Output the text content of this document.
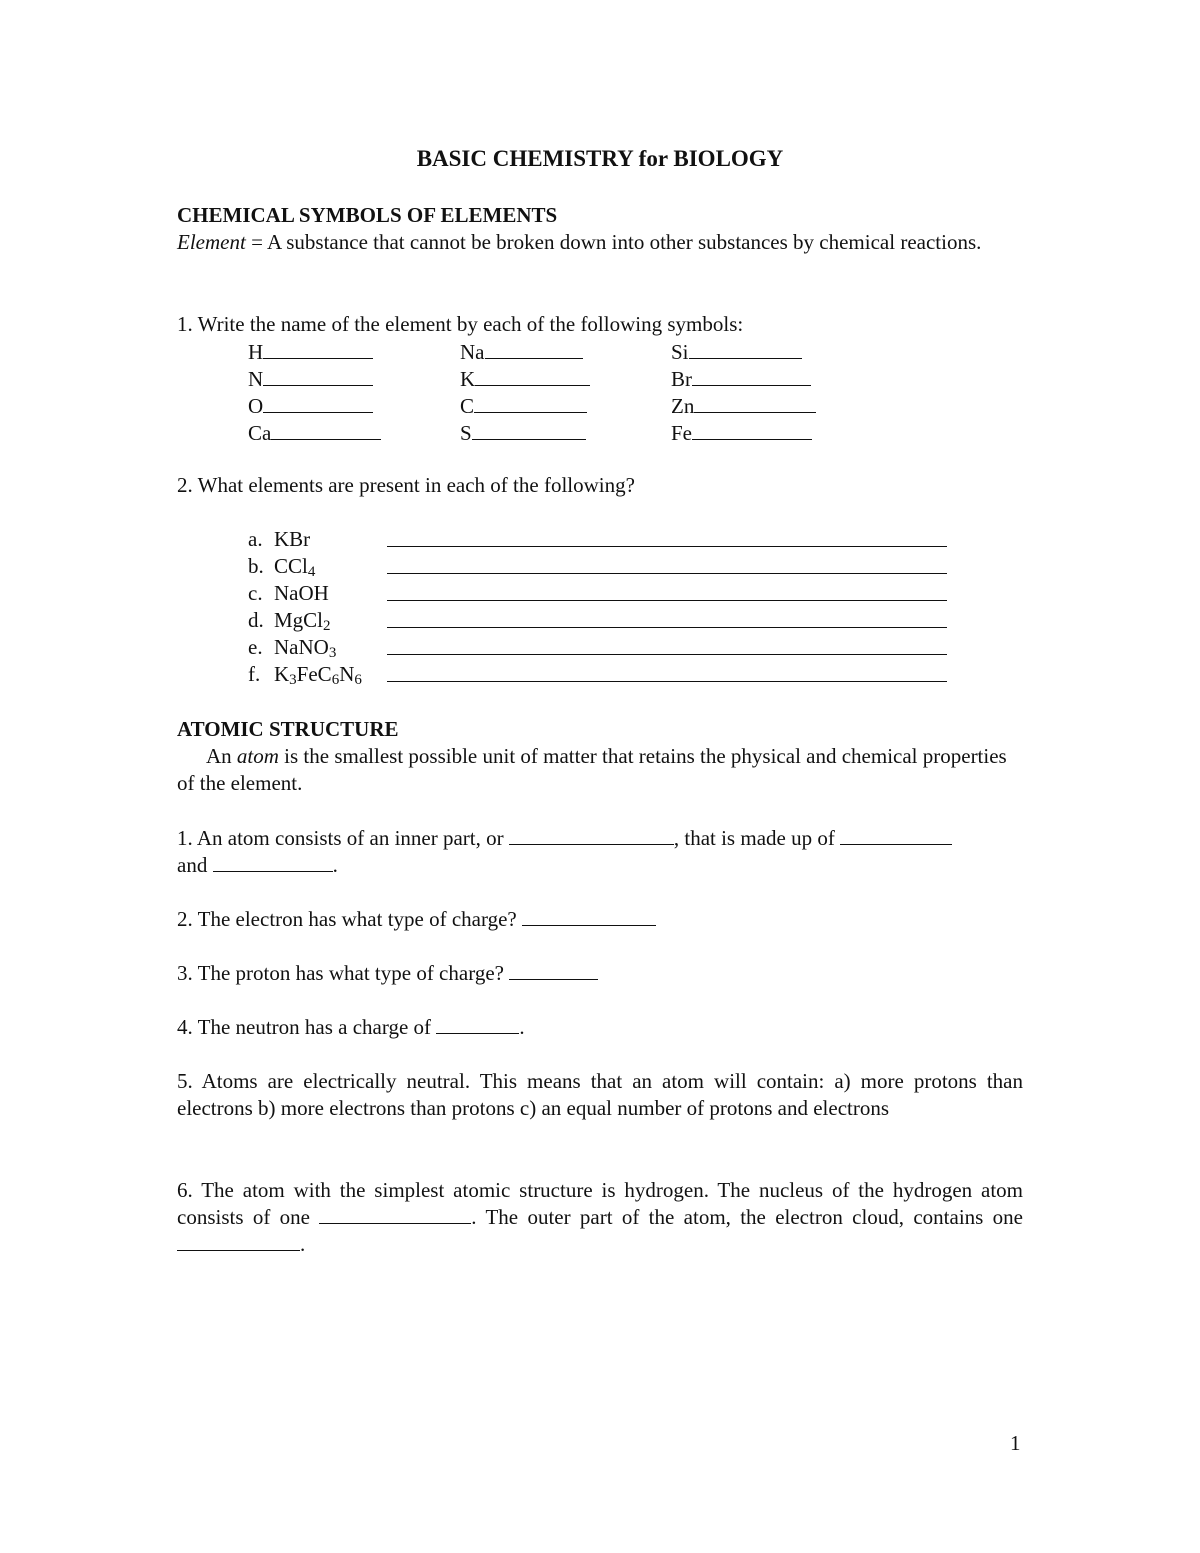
BASIC CHEMISTRY for BIOLOGY
CHEMICAL SYMBOLS OF ELEMENTS
Element = A substance that cannot be broken down into other substances by chemical reactions.
1. Write the name of the element by each of the following symbols:
H	Na	Si
N	K	Br
O	C	Zn
Ca	S	Fe
2. What elements are present in each of the following?
a. KBr
b. CCl$_4$
c. NaOH
d. MgCl$_2$
e. NaNO$_3$
f. $K_3FeC_6N_6$
ATOMIC STRUCTURE
An atom is the smallest possible unit of matter that retains the physical and chemical properties of the element.
1. An atom consists of an inner part, or	, that is made up of
and	.
2. The electron has what type of charge?
3. The proton has what type of charge?
4. The neutron has a charge of	.
5. Atoms are electrically neutral. This means that an atom will contain: a) more protons than electrons b) more electrons than protons c) an equal number of protons and electrons
6. The atom with the simplest atomic structure is hydrogen. The nucleus of the hydrogen atom consists of one	. The outer part of the atom, the electron cloud, contains one .
1
